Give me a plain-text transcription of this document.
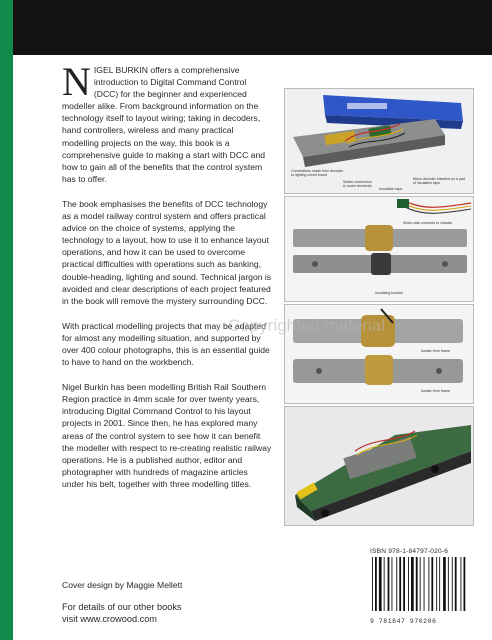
NIGEL BURKIN offers a comprehensive introduction to Digital Command Control (DCC) for the beginner and experienced modeller alike. From background information on the technology itself to layout wiring; taking in decoders, hand controllers, wireless and many practical modelling projects on the way, this book is a comprehensive guide to making a start with DCC and how to gain all of the benefits that the control system has to offer.

The book emphasises the benefits of DCC technology as a model railway control system and offers practical advice on the choice of systems, applying the technology to a layout, how to use it to enhance layout operations, and how it can be used to overcome practical difficulties with operations such as banking, double-heading, lighting and sound. Technical jargon is avoided and clear descriptions of each project featured in the book will remove the mystery surrounding DCC.

With practical modelling projects that may be adapted for almost any modelling situation, and supported by over 400 colour photographs, this is an essential guide to have to hand on the workbench.

Nigel Burkin has been modelling British Rail Southern Region practice in 4mm scale for over twenty years, introducing Digital Command Control to his layout projects in 2001. Since then, he has explored many areas of the control system to see how it can benefit the modeller with respect to re-creating realistic railway operations. He is a published author, editor and photographer with hundreds of magazine articles under his belt, together with three modelling titles.

Connections made from decoder
to lighting circuit board
Solder connection
to motor terminals
Insulation tape
Micro decoder installed on a pad
of insulation tape
Motor side connects to chassis
Insulating bushes
Isolate from frame
Isolate from frame
Copyrighted material
Cover design by Maggie Mellett
For details of our other books
visit www.crowood.com
ISBN 978-1-84797-020-6
9 781847 970206
